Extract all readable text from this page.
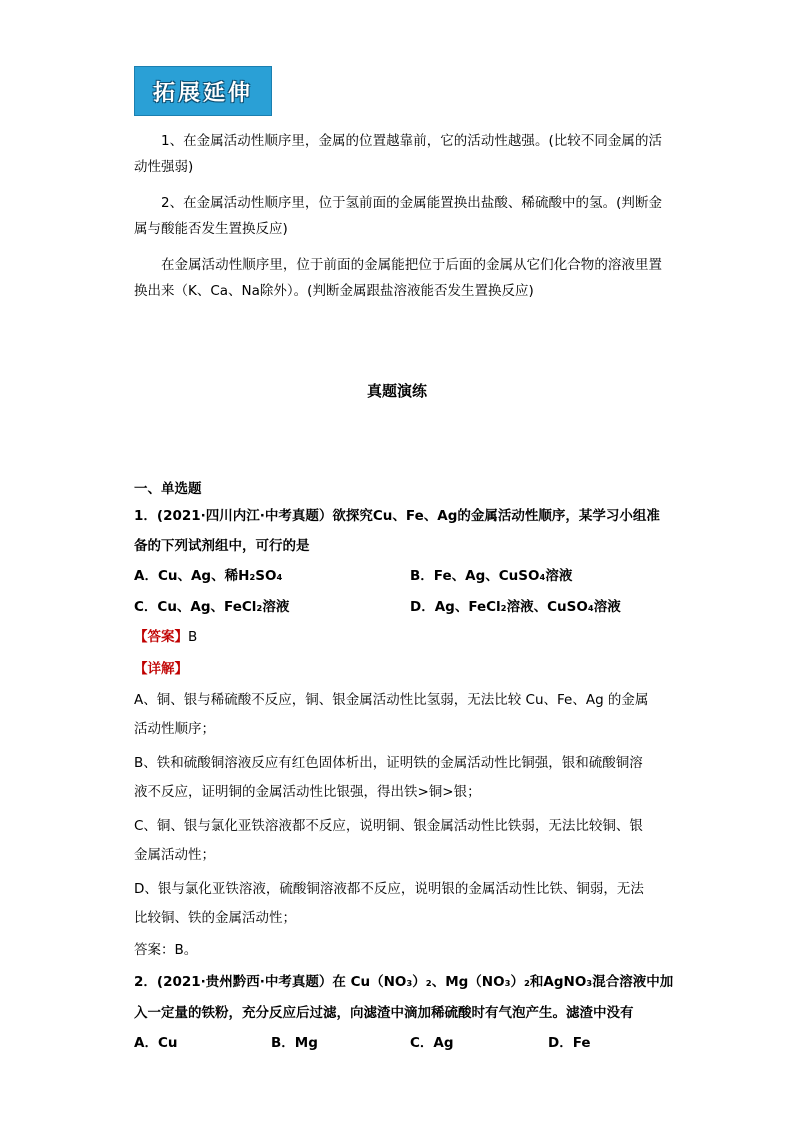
拓展延伸
1、在金属活动性顺序里，金属的位置越靠前，它的活动性越强。(比较不同金属的活动性强弱)
2、在金属活动性顺序里，位于氢前面的金属能置换出盐酸、稀硫酸中的氢。(判断金属与酸能否发生置换反应)
在金属活动性顺序里，位于前面的金属能把位于后面的金属从它们化合物的溶液里置换出来（K、Ca、Na除外）。(判断金属跟盐溶液能否发生置换反应)
真题演练
一、单选题
1．(2021·四川内江·中考真题）欲探究Cu、Fe、Ag的金属活动性顺序，某学习小组准
备的下列试剂组中，可行的是
A．Cu、Ag、稀H₂SO₄	B．Fe、Ag、CuSO₄溶液
C．Cu、Ag、FeCl₂溶液	D．Ag、FeCl₂溶液、CuSO₄溶液
【答案】B
【详解】
A、铜、银与稀硫酸不反应，铜、银金属活动性比氢弱，无法比较 Cu、Fe、Ag 的金属
活动性顺序；
B、铁和硫酸铜溶液反应有红色固体析出，证明铁的金属活动性比铜强，银和硫酸铜溶
液不反应，证明铜的金属活动性比银强，得出铁>铜>银；
C、铜、银与氯化亚铁溶液都不反应，说明铜、银金属活动性比铁弱，无法比较铜、银
金属活动性；
D、银与氯化亚铁溶液，硫酸铜溶液都不反应，说明银的金属活动性比铁、铜弱，无法
比较铜、铁的金属活动性；
答案：B。
2．(2021·贵州黔西·中考真题）在 Cu（NO₃）₂、Mg（NO₃）₂和AgNO₃混合溶液中加
入一定量的铁粉，充分反应后过滤，向滤渣中滴加稀硫酸时有气泡产生。滤渣中没有
A．Cu	B．Mg	C．Ag	D．Fe
